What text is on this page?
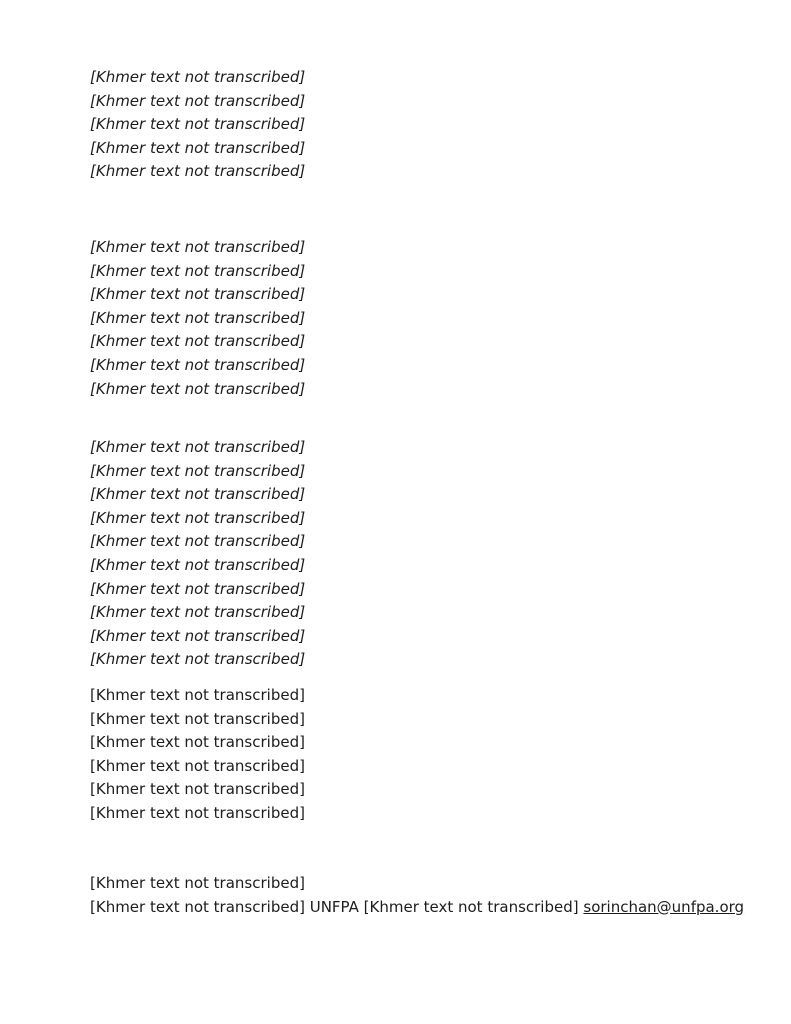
[Khmer text not transcribed]
[Khmer text not transcribed]
[Khmer text not transcribed]
[Khmer text not transcribed]
[Khmer text not transcribed]

[Khmer text not transcribed]
[Khmer text not transcribed]
[Khmer text not transcribed]
[Khmer text not transcribed]
[Khmer text not transcribed]
[Khmer text not transcribed]
[Khmer text not transcribed]

[Khmer text not transcribed]
[Khmer text not transcribed]
[Khmer text not transcribed]
[Khmer text not transcribed]
[Khmer text not transcribed]
[Khmer text not transcribed]
[Khmer text not transcribed]
[Khmer text not transcribed]
[Khmer text not transcribed]
[Khmer text not transcribed]

[Khmer text not transcribed]
[Khmer text not transcribed]
[Khmer text not transcribed]
[Khmer text not transcribed]
[Khmer text not transcribed]
[Khmer text not transcribed]

[Khmer text not transcribed]
[Khmer text not transcribed] UNFPA [Khmer text not transcribed] sorinchan@unfpa.org
